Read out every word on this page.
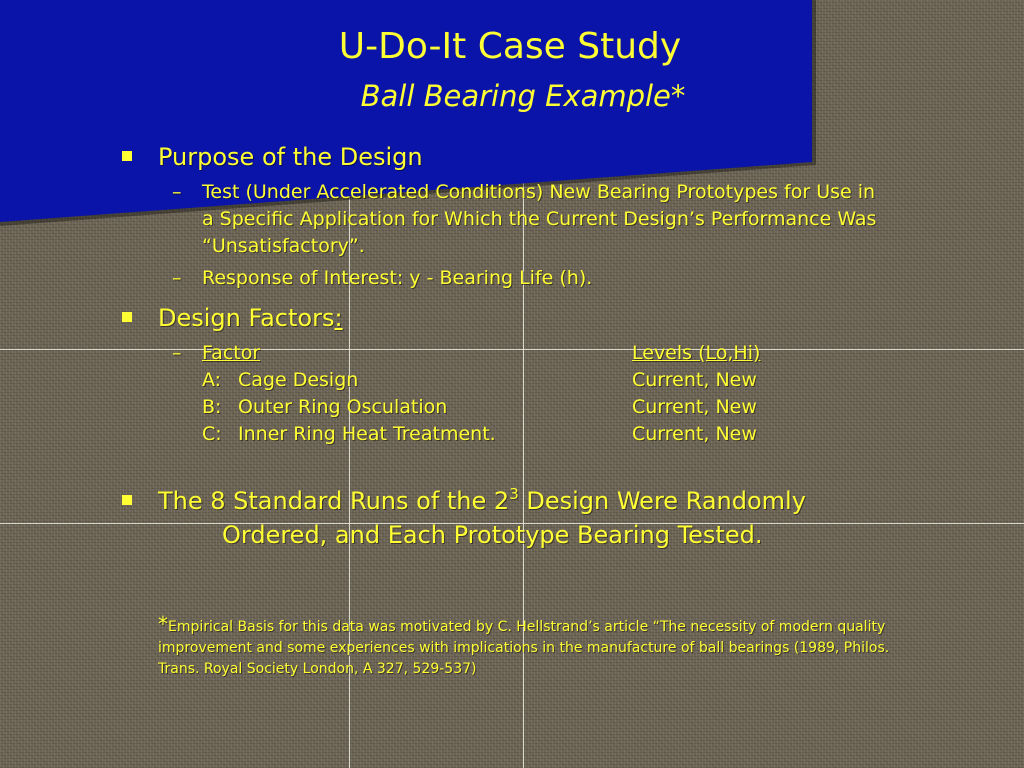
U-Do-It Case Study
Ball Bearing Example*
Purpose of the Design
– Test (Under Accelerated Conditions) New Bearing Prototypes for Use in a Specific Application for Which the Current Design’s Performance Was “Unsatisfactory”.
– Response of Interest: y - Bearing Life (h).
Design Factors:
– Factor	Levels (Lo,Hi)
A: Cage Design	Current, New
B: Outer Ring Osculation	Current, New
C: Inner Ring Heat Treatment.	Current, New
The 8 Standard Runs of the $2^3$ Design Were Randomly
Ordered, and Each Prototype Bearing Tested.
*Empirical Basis for this data was motivated by C. Hellstrand’s article “The necessity of modern quality improvement and some experiences with implications in the manufacture of ball bearings (1989, Philos. Trans. Royal Society London, A 327, 529-537)
